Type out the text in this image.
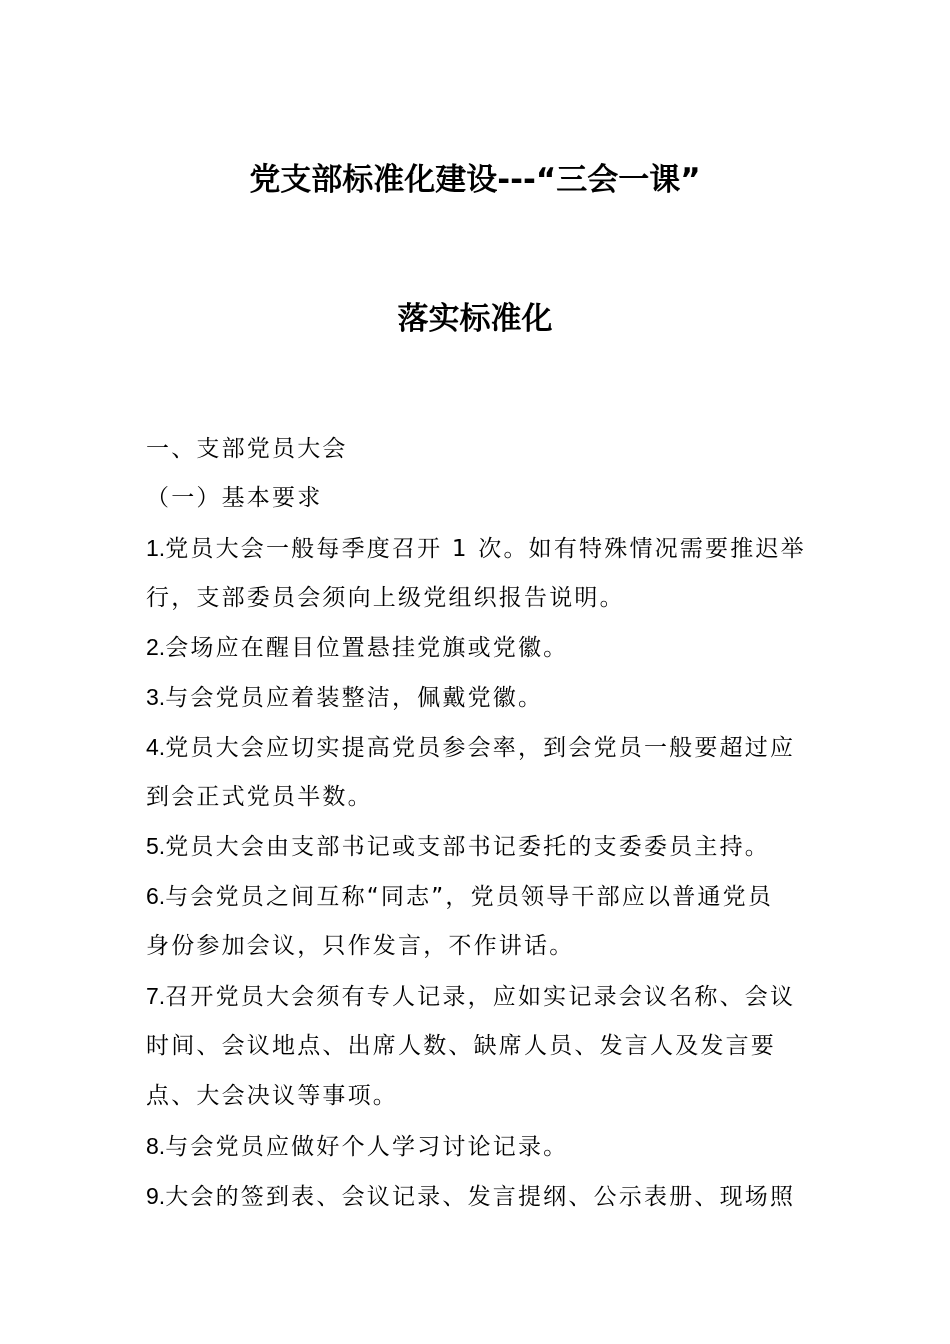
党支部标准化建设---“三会一课”
落实标准化
一、支部党员大会
（一）基本要求
1.党员大会一般每季度召开 1 次。如有特殊情况需要推迟举
行，支部委员会须向上级党组织报告说明。
2.会场应在醒目位置悬挂党旗或党徽。
3.与会党员应着装整洁，佩戴党徽。
4.党员大会应切实提高党员参会率，到会党员一般要超过应
到会正式党员半数。
5.党员大会由支部书记或支部书记委托的支委委员主持。
6.与会党员之间互称“同志”，党员领导干部应以普通党员
身份参加会议，只作发言，不作讲话。
7.召开党员大会须有专人记录，应如实记录会议名称、会议
时间、会议地点、出席人数、缺席人员、发言人及发言要
点、大会决议等事项。
8.与会党员应做好个人学习讨论记录。
9.大会的签到表、会议记录、发言提纲、公示表册、现场照
